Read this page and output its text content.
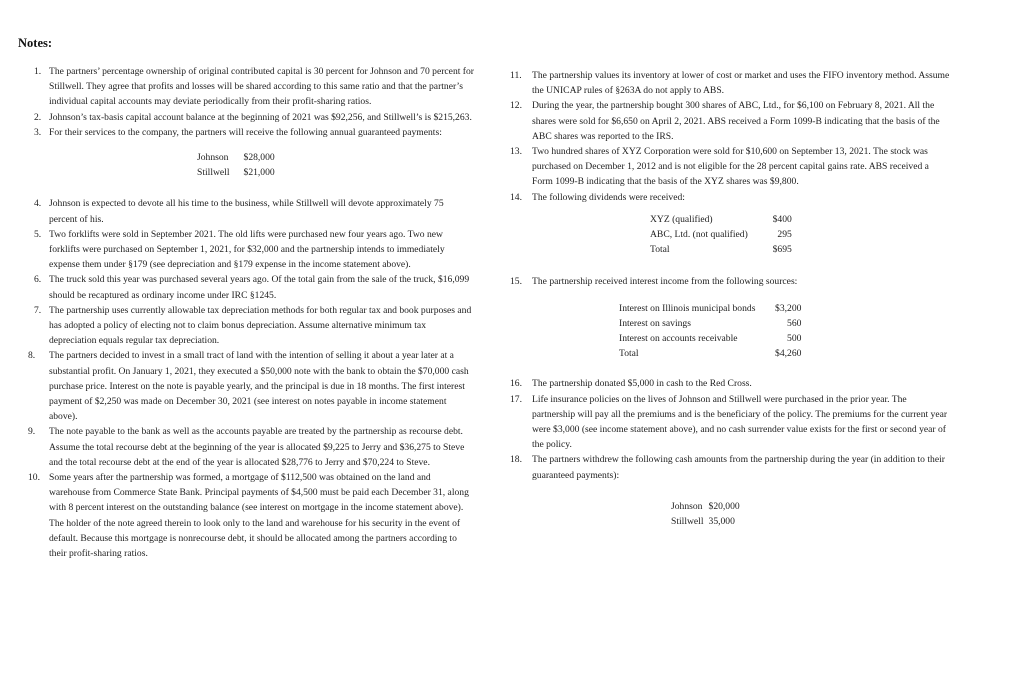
Notes:
1. The partners’ percentage ownership of original contributed capital is 30 percent for Johnson and 70 percent for Stillwell. They agree that profits and losses will be shared according to this same ratio and that the partner’s individual capital accounts may deviate periodically from their profit-sharing ratios.
2. Johnson’s tax-basis capital account balance at the beginning of 2021 was $92,256, and Stillwell’s is $215,263.
3. For their services to the company, the partners will receive the following annual guaranteed payments:
Johnson	$28,000
Stillwell	$21,000
4. Johnson is expected to devote all his time to the business, while Stillwell will devote approximately 75 percent of his.
5. Two forklifts were sold in September 2021. The old lifts were purchased new four years ago. Two new forklifts were purchased on September 1, 2021, for $32,000 and the partnership intends to immediately expense them under §179 (see depreciation and §179 expense in the income statement above).
6. The truck sold this year was purchased several years ago. Of the total gain from the sale of the truck, $16,099 should be recaptured as ordinary income under IRC §1245.
7. The partnership uses currently allowable tax depreciation methods for both regular tax and book purposes and has adopted a policy of electing not to claim bonus depreciation. Assume alternative minimum tax depreciation equals regular tax depreciation.
8. The partners decided to invest in a small tract of land with the intention of selling it about a year later at a substantial profit. On January 1, 2021, they executed a $50,000 note with the bank to obtain the $70,000 cash purchase price. Interest on the note is payable yearly, and the principal is due in 18 months. The first interest payment of $2,250 was made on December 30, 2021 (see interest on notes payable in income statement above).
9. The note payable to the bank as well as the accounts payable are treated by the partnership as recourse debt. Assume the total recourse debt at the beginning of the year is allocated $9,225 to Jerry and $36,275 to Steve and the total recourse debt at the end of the year is allocated $28,776 to Jerry and $70,224 to Steve.
10. Some years after the partnership was formed, a mortgage of $112,500 was obtained on the land and warehouse from Commerce State Bank. Principal payments of $4,500 must be paid each December 31, along with 8 percent interest on the outstanding balance (see interest on mortgage in the income statement above). The holder of the note agreed therein to look only to the land and warehouse for his security in the event of default. Because this mortgage is nonrecourse debt, it should be allocated among the partners according to their profit-sharing ratios.
11. The partnership values its inventory at lower of cost or market and uses the FIFO inventory method. Assume the UNICAP rules of §263A do not apply to ABS.
12. During the year, the partnership bought 300 shares of ABC, Ltd., for $6,100 on February 8, 2021. All the shares were sold for $6,650 on April 2, 2021. ABS received a Form 1099-B indicating that the basis of the ABC shares was reported to the IRS.
13. Two hundred shares of XYZ Corporation were sold for $10,600 on September 13, 2021. The stock was purchased on December 1, 2012 and is not eligible for the 28 percent capital gains rate. ABS received a Form 1099-B indicating that the basis of the XYZ shares was $9,800.
14. The following dividends were received:
XYZ (qualified)	$400
ABC, Ltd. (not qualified)	295
Total	$695
15. The partnership received interest income from the following sources:
Interest on Illinois municipal bonds	$3,200
Interest on savings	560
Interest on accounts receivable	500
Total	$4,260
16. The partnership donated $5,000 in cash to the Red Cross.
17. Life insurance policies on the lives of Johnson and Stillwell were purchased in the prior year. The partnership will pay all the premiums and is the beneficiary of the policy. The premiums for the current year were $3,000 (see income statement above), and no cash surrender value exists for the first or second year of the policy.
18. The partners withdrew the following cash amounts from the partnership during the year (in addition to their guaranteed payments):
Johnson	$20,000
Stillwell	35,000
